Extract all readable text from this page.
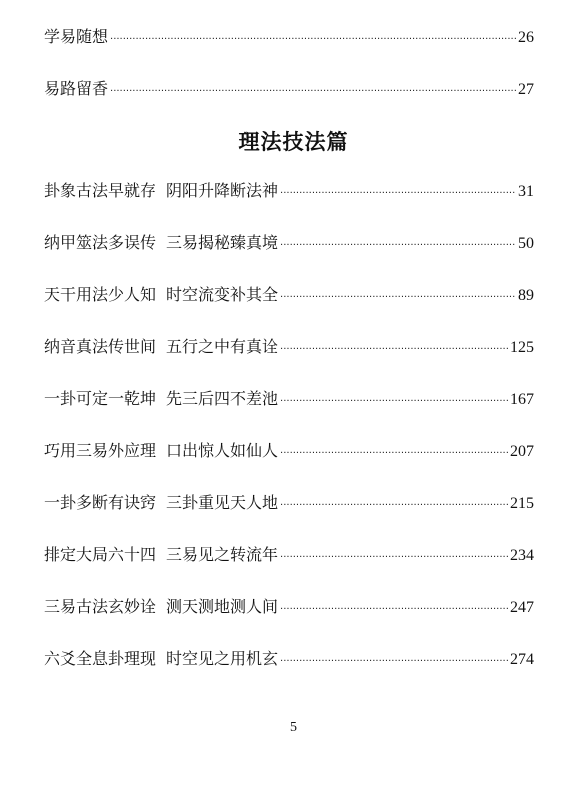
学易随想 ·····	26
易路留香 ·····	27
理法技法篇
卦象古法早就存 阴阳升降断法神 ·····	31
纳甲筮法多误传 三易揭秘臻真境 ·····	50
天干用法少人知 时空流变补其全 ·····	89
纳音真法传世间 五行之中有真诠 ·····	125
一卦可定一乾坤 先三后四不差池 ·····	167
巧用三易外应理 口出惊人如仙人 ·····	207
一卦多断有诀窍 三卦重见天人地 ·····	215
排定大局六十四 三易见之转流年 ·····	234
三易古法玄妙诠 测天测地测人间 ·····	247
六爻全息卦理现 时空见之用机玄 ·····	274
5
